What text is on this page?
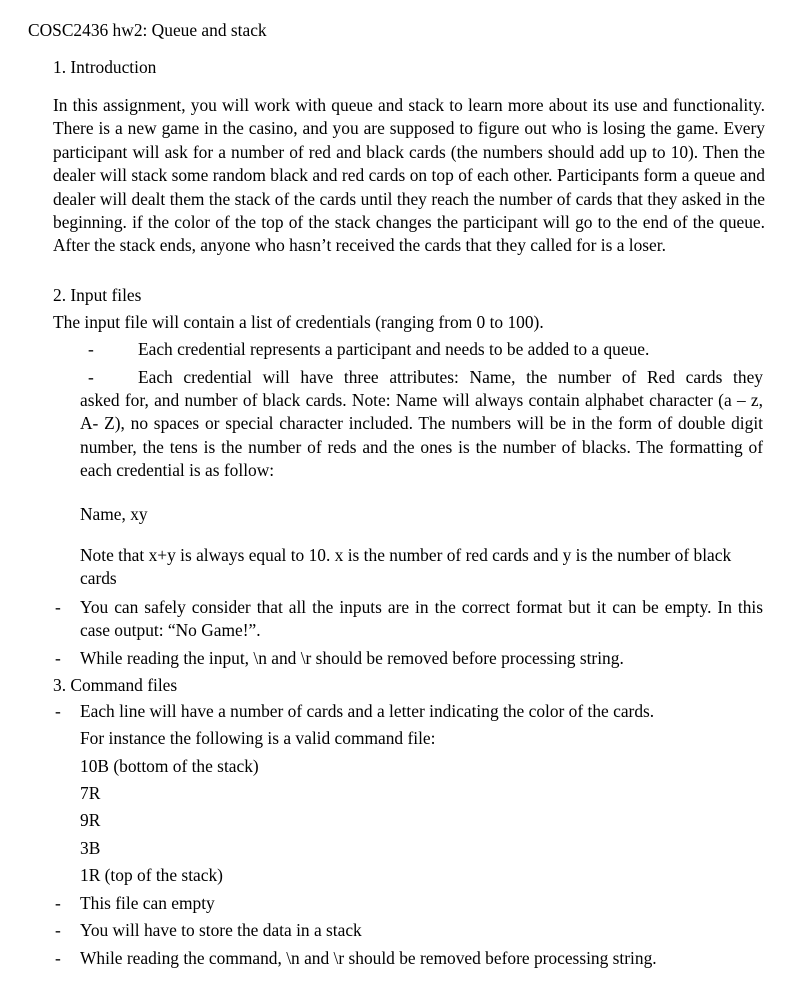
COSC2436 hw2: Queue and stack
1. Introduction
In this assignment, you will work with queue and stack to learn more about its use and functionality. There is a new game in the casino, and you are supposed to figure out who is losing the game. Every participant will ask for a number of red and black cards (the numbers should add up to 10). Then the dealer will stack some random black and red cards on top of each other. Participants form a queue and dealer will dealt them the stack of the cards until they reach the number of cards that they asked in the beginning. if the color of the top of the stack changes the participant will go to the end of the queue. After the stack ends, anyone who hasn’t received the cards that they called for is a loser.
2. Input files
The input file will contain a list of credentials (ranging from 0 to 100).
-	Each credential represents a participant and needs to be added to a queue.
-	Each credential will have three attributes: Name, the number of Red cards they
asked for, and number of black cards. Note: Name will always contain alphabet character (a – z, A- Z), no spaces or special character included. The numbers will be in the form of double digit number, the tens is the number of reds and the ones is the number of blacks. The formatting of each credential is as follow:
Name, xy
Note that x+y is always equal to 10. x is the number of red cards and y is the number of black cards
- You can safely consider that all the inputs are in the correct format but it can be empty. In this case output: “No Game!”.
- While reading the input, \n and \r should be removed before processing string.
3. Command files
- Each line will have a number of cards and a letter indicating the color of the cards.
For instance the following is a valid command file:
10B (bottom of the stack)
7R
9R
3B
1R (top of the stack)
- This file can empty
- You will have to store the data in a stack
- While reading the command, \n and \r should be removed before processing string.
